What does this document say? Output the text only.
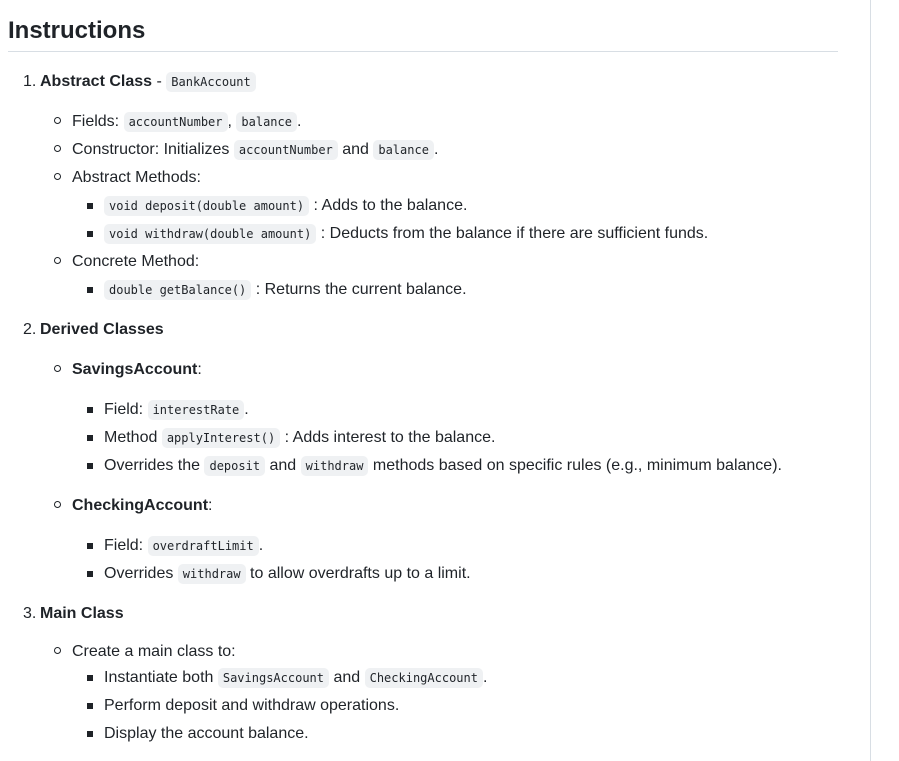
Instructions
1. Abstract Class - BankAccount
Fields: accountNumber , balance .
Constructor: Initializes accountNumber and balance .
Abstract Methods:
void deposit(double amount) : Adds to the balance.
void withdraw(double amount) : Deducts from the balance if there are sufficient funds.
Concrete Method:
double getBalance() : Returns the current balance.
2. Derived Classes
SavingsAccount:
Field: interestRate .
Method applyInterest() : Adds interest to the balance.
Overrides the deposit and withdraw methods based on specific rules (e.g., minimum balance).
CheckingAccount:
Field: overdraftLimit .
Overrides withdraw to allow overdrafts up to a limit.
3. Main Class
Create a main class to:
Instantiate both SavingsAccount and CheckingAccount .
Perform deposit and withdraw operations.
Display the account balance.
